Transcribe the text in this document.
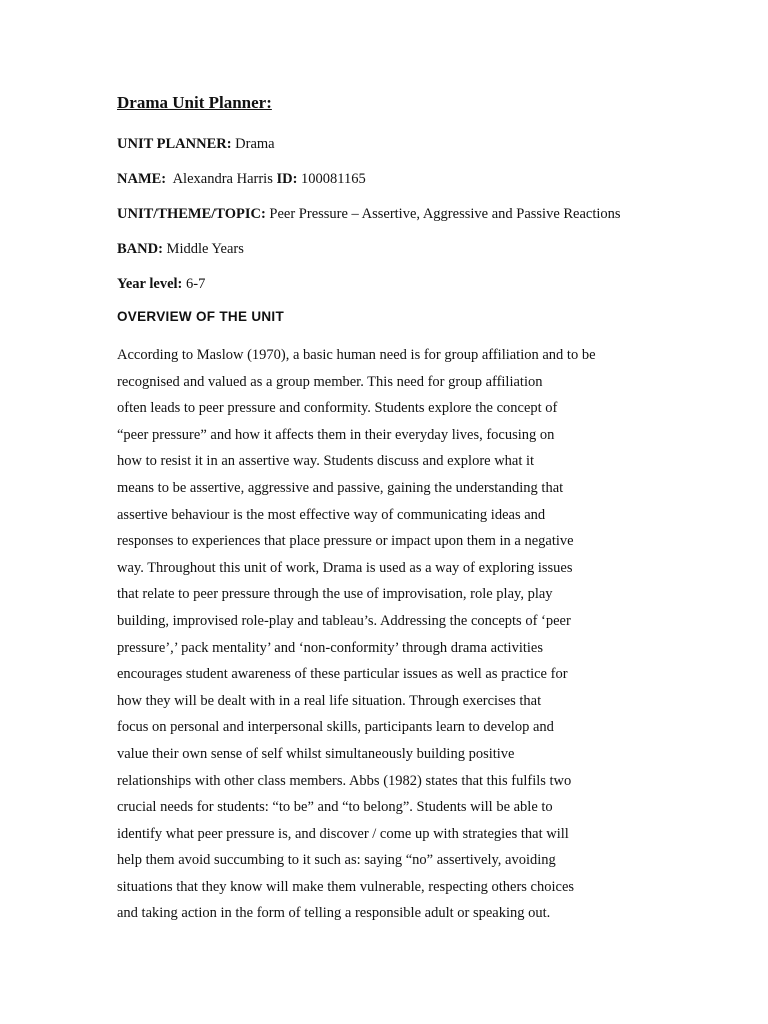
Drama Unit Planner:
UNIT PLANNER: Drama
NAME:  Alexandra Harris ID: 100081165
UNIT/THEME/TOPIC: Peer Pressure – Assertive, Aggressive and Passive Reactions
BAND: Middle Years
Year level: 6-7
OVERVIEW OF THE UNIT
According to Maslow (1970), a basic human need is for group affiliation and to be
recognised and valued as a group member. This need for group affiliation
often leads to peer pressure and conformity. Students explore the concept of
“peer pressure” and how it affects them in their everyday lives, focusing on
how to resist it in an assertive way. Students discuss and explore what it
means to be assertive, aggressive and passive, gaining the understanding that
assertive behaviour is the most effective way of communicating ideas and
responses to experiences that place pressure or impact upon them in a negative
way. Throughout this unit of work, Drama is used as a way of exploring issues
that relate to peer pressure through the use of improvisation, role play, play
building, improvised role-play and tableau’s. Addressing the concepts of ‘peer
pressure’,’ pack mentality’ and ‘non-conformity’ through drama activities
encourages student awareness of these particular issues as well as practice for
how they will be dealt with in a real life situation. Through exercises that
focus on personal and interpersonal skills, participants learn to develop and
value their own sense of self whilst simultaneously building positive
relationships with other class members. Abbs (1982) states that this fulfils two
crucial needs for students: “to be” and “to belong”. Students will be able to
identify what peer pressure is, and discover / come up with strategies that will
help them avoid succumbing to it such as: saying “no” assertively, avoiding
situations that they know will make them vulnerable, respecting others choices
and taking action in the form of telling a responsible adult or speaking out.
